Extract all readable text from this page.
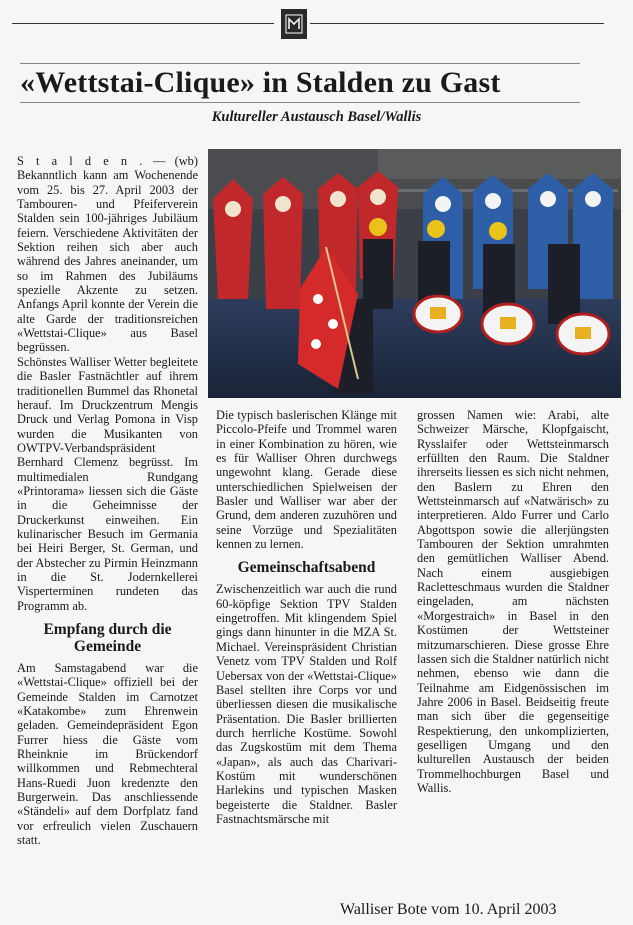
«Wettstai-Clique» in Stalden zu Gast
Kultureller Austausch Basel/Wallis

S t a l d e n . — (wb) Bekanntlich kann am Wochenende vom 25. bis 27. April 2003 der Tambouren- und Pfeiferverein Stalden sein 100-jähriges Jubiläum feiern. Verschiedene Aktivitäten der Sektion reihen sich aber auch während des Jahres aneinander, um so im Rahmen des Jubiläums spezielle Akzente zu setzen. Anfangs April konnte der Verein die alte Garde der traditionsreichen «Wettstai-Clique» aus Basel begrüssen.

Schönstes Walliser Wetter begleitete die Basler Fastnächtler auf ihrem traditionellen Bummel das Rhonetal herauf. Im Druckzentrum Mengis Druck und Verlag Pomona in Visp wurden die Musikanten von OWTPV-Verbandspräsident Bernhard Clemenz begrüsst. Im multimedialen Rundgang «Printorama» liessen sich die Gäste in die Geheimnisse der Druckerkunst einweihen. Ein kulinarischer Besuch im Germania bei Heiri Berger, St. German, und der Abstecher zu Pirmin Heinzmann in die St. Jodernkellerei Visperterminen rundeten das Programm ab.

Empfang durch die Gemeinde

Am Samstagabend war die «Wettstai-Clique» offiziell bei der Gemeinde Stalden im Carnotzet «Katakombe» zum Ehrenwein geladen. Gemeindepräsident Egon Furrer hiess die Gäste vom Rheinknie im Brückendorf willkommen und Rebmechteral Hans-Ruedi Juon kredenzte den Burgerwein. Das anschliessende «Ständeli» auf dem Dorfplatz fand vor erfreulich vielen Zuschauern statt.

Die typisch baslerischen Klänge mit Piccolo-Pfeife und Trommel waren in einer Kombination zu hören, wie es für Walliser Ohren durchwegs ungewohnt klang. Gerade diese unterschiedlichen Spielweisen der Basler und Walliser war aber der Grund, dem anderen zuzuhören und seine Vorzüge und Spezialitäten kennen zu lernen.

Gemeinschaftsabend

Zwischenzeitlich war auch die rund 60-köpfige Sektion TPV Stalden eingetroffen. Mit klingendem Spiel gings dann hinunter in die MZA St. Michael. Vereinspräsident Christian Venetz vom TPV Stalden und Rolf Uebersax von der «Wettstai-Clique» Basel stellten ihre Corps vor und überliessen diesen die musikalische Präsentation. Die Basler brillierten durch herrliche Kostüme. Sowohl das Zugskostüm mit dem Thema «Japan», als auch das Charivari-Kostüm mit wunderschönen Harlekins und typischen Masken begeisterte die Staldner. Basler Fastnachtsmärsche mit

grossen Namen wie: Arabi, alte Schweizer Märsche, Klopfgaischt, Rysslaifer oder Wettsteinmarsch erfüllten den Raum. Die Staldner ihrerseits liessen es sich nicht nehmen, den Baslern zu Ehren den Wettsteinmarsch auf «Natwärisch» zu interpretieren. Aldo Furrer und Carlo Abgottspon sowie die allerjüngsten Tambouren der Sektion umrahmten den gemütlichen Walliser Abend. Nach einem ausgiebigen Racletteschmaus wurden die Staldner eingeladen, am nächsten «Morgestraich» in Basel in den Kostümen der Wettsteiner mitzumarschieren. Diese grosse Ehre lassen sich die Staldner natürlich nicht nehmen, ebenso wie dann die Teilnahme am Eidgenössischen im Jahre 2006 in Basel. Beidseitig freute man sich über die gegenseitige Respektierung, den unkomplizierten, geselligen Umgang und den kulturellen Austausch der beiden Trommelhochburgen Basel und Wallis.

Walliser Bote vom 10. April 2003
